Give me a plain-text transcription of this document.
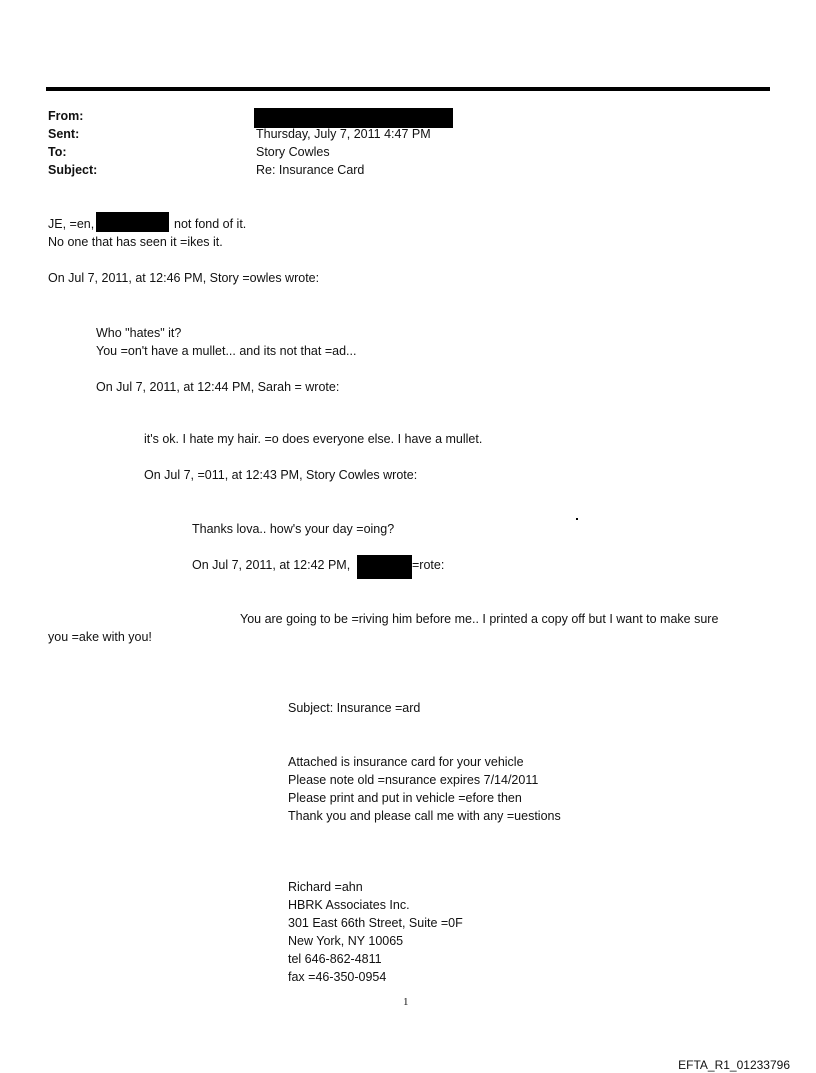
From:
Sent:	Thursday, July 7, 2011 4:47 PM
To:	Story Cowles
Subject:	Re: Insurance Card
JE, =en,	not fond of it.
No one that has seen it =ikes it.
On Jul 7, 2011, at 12:46 PM, Story =owles wrote:
Who "hates" it?
You =on't have a mullet... and its not that =ad...
On Jul 7, 2011, at 12:44 PM, Sarah = wrote:
it's ok. I hate my hair. =o does everyone else. I have a mullet.
On Jul 7, =011, at 12:43 PM, Story Cowles wrote:
Thanks lova.. how's your day =oing?
On Jul 7, 2011, at 12:42 PM,	=rote:
You are going to be =riving him before me.. I printed a copy off but I want to make sure
you =ake with you!
Subject: Insurance =ard
Attached is insurance card for your vehicle
Please note old =nsurance expires 7/14/2011
Please print and put in vehicle =efore then
Thank you and please call me with any =uestions
Richard =ahn
HBRK Associates Inc.
301 East 66th Street, Suite =0F
New York, NY 10065
tel 646-862-4811
fax =46-350-0954
1
EFTA_R1_01233796
